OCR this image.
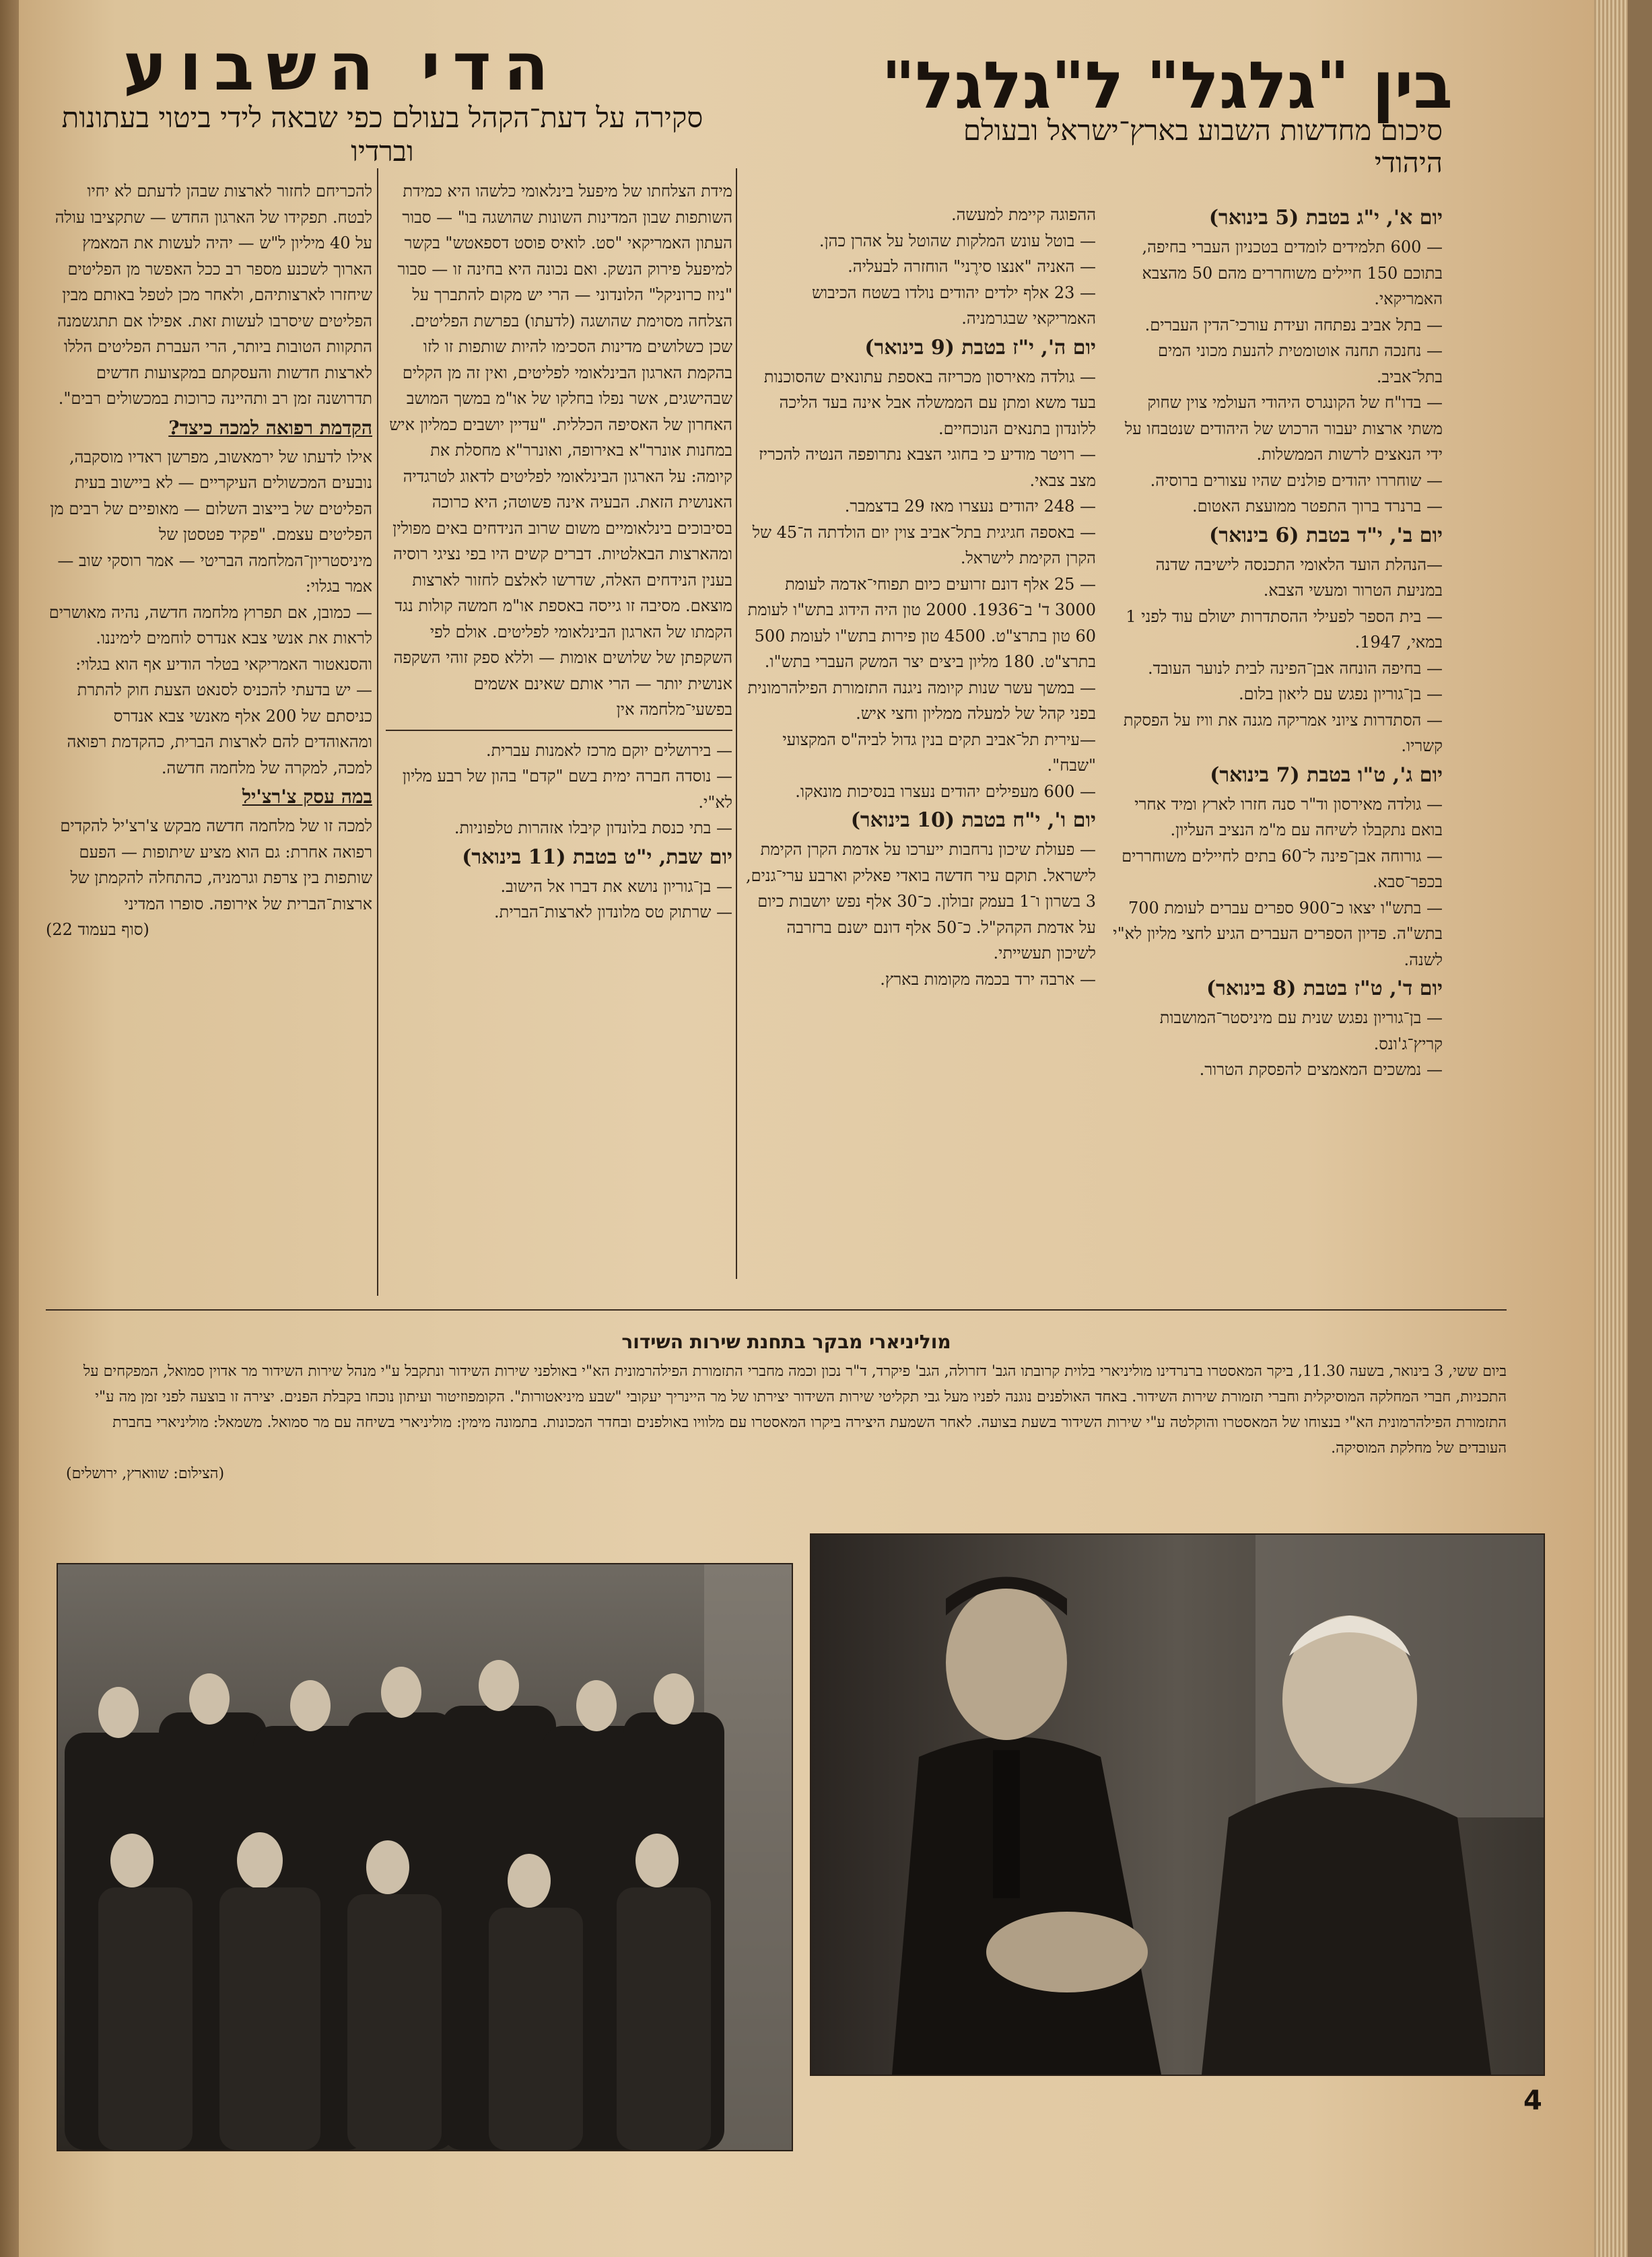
בין "גלגל" ל"גלגל"
סיכום מחדשות השבוע בארץ־ישראל ובעולם היהודי
הדי השבוע
סקירה על דעת־הקהל בעולם כפי שבאה לידי ביטוי בעתונות וברדיו

יום א', י"ג בטבת (5 בינואר)

— 600 תלמידים לומדים בטכניון העברי בחיפה, בתוכם 150 חיילים משוחררים מהם 50 מהצבא האמריקאי.

— בתל אביב נפתחה ועידת עורכי־הדין העברים.

— נחנכה תחנה אוטומטית להנעת מכוני המים בתל־אביב.

— בדו"ח של הקונגרס היהודי העולמי צוין שחוק משתי ארצות יעבור הרכוש של היהודים שנטבחו על ידי הנאצים לרשות הממשלות.

— שוחררו יהודים פולנים שהיו עצורים ברוסיה.

— ברנרד ברוך התפטר ממועצת האטום.

יום ב', י"ד בטבת (6 בינואר)

—הנהלת הועד הלאומי התכנסה לישיבה שדנה במניעת הטרור ומעשי הצבא.

— בית הספר לפעילי ההסתדרות ישולם עוד לפני 1 במאי, 1947.

— בחיפה הונחה אבן־הפינה לבית לנוער העובד.

— בן־גוריון נפגש עם ליאון בלום.

— הסתדרות ציוני אמריקה מגנה את וויז על הפסקת קשריו.

יום ג', ט"ו בטבת (7 בינואר)

— גולדה מאירסון וד"ר סנה חזרו לארץ ומיד אחרי בואם נתקבלו לשיחה עם מ"מ הנציב העליון.

— גורוחה אבן־פינה ל־60 בתים לחיילים משוחררים בכפר־סבא.

— בתש"ו יצאו כ־900 ספרים עברים לעומת 700 בתש"ה. פדיון הספרים העברים הגיע לחצי מליון לא"י לשנה.

יום ד', ט"ז בטבת (8 בינואר)

— בן־גוריון נפגש שנית עם מיניסטר־המושבות קריץ־ג'ונס.

— נמשכים המאמצים להפסקת הטרור.

ההפוגה קיימת למעשה.

— בוטל עונש המלקות שהוטל על אהרן כהן.

— האניה "אנצו סירֶני" הוחזרה לבעליה.

— 23 אלף ילדים יהודים נולדו בשטח הכיבוש האמריקאי שבגרמניה.

יום ה', י"ז בטבת (9 בינואר)

— גולדה מאירסון מכריזה באספת עתונאים שהסוכנות בעד משא ומתן עם הממשלה אבל אינה בעד הליכה ללונדון בתנאים הנוכחיים.

— רויטר מודיע כי בחוגי הצבא נתרופפה הנטיה להכריז מצב צבאי.

— 248 יהודים נעצרו מאז 29 בדצמבר.

— באספה חגיגית בתל־אביב צוין יום הולדתה ה־45 של הקרן הקימת לישראל.

— 25 אלף דונם זרועים כיום תפוחי־אדמה לעומת 3000 ד' ב־1936. 2000 טון היה הידוג בתש"ו לעומת 60 טון בתרצ"ט. 4500 טון פירות בתש"ו לעומת 500 בתרצ"ט. 180 מליון ביצים יצר המשק העברי בתש"ו.

— במשך עשר שנות קיומה ניגנה התזמורת הפילהרמונית בפני קהל של למעלה ממליון וחצי איש.

—עירית תל־אביב תקים בנין גדול לביה"ס המקצועי "שבח".

— 600 מעפילים יהודים נעצרו בנסיכות מונאקו.

יום ו', י"ח בטבת (10 בינואר)

— פעולת שיכון נרחבות ייערכו על אדמת הקרן הקימת לישראל. תוקם עיר חדשה בואדי פאליק וארבע ערי־גנים, 3 בשרון ו־1 בעמק זבולון. כ־30 אלף נפש יושבות כיום על אדמת הקהק"ל. כ־50 אלף דונם ישנם ברזרבה לשיכון תעשייתי.

— ארבה ירד בכמה מקומות בארץ.

מידת הצלחתו של מיפעל בינלאומי כלשהו היא כמידת השותפות שבון המדינות השונות שהושגה בו" — סבור העתון האמריקאי "סט. לואיס פוסט דספאטש" בקשר למיפעל פירוק הנשק. ואם נכונה היא בחינה זו — סבור "ניוז כרוניקל" הלונדוני — הרי יש מקום להתברך על הצלחה מסוימת שהושגה (לדעתו) בפרשת הפליטים. שכן כשלושים מדינות הסכימו להיות שותפות זו לזו בהקמת הארגון הבינלאומי לפליטים, ואין זה מן הקלים שבהישגים, אשר נפלו בחלקו של או"מ במשך המושב האחרון של האסיפה הכללית. "עדיין יושבים כמליון איש במחנות אונרר"א באירופה, ואונרר"א מחסלת את קיומה: על הארגון הבינלאומי לפליטים לדאוג לטרגדיה האנושית הזאת. הבעיה אינה פשוטה; היא כרוכה בסיבוכים בינלאומיים משום שרוב הנידחים באים מפולין ומהארצות הבאלטיות. דברים קשים היו בפי נציגי רוסיה בענין הנידחים האלה, שדרשו לאלצם לחזור לארצות מוצאם. מסיבה זו גייסה באספת או"מ חמשה קולות נגד הקמתו של הארגון הבינלאומי לפליטים. אולם לפי השקפתן של שלושים אומות — וללא ספק זוהי השקפה אנושית יותר — הרי אותם שאינם אשמים בפשעי־מלחמה אין

— בירושלים יוקם מרכז לאמנות עברית.

— נוסדה חברה ימית בשם "קדם" בהון של רבע מליון לא"י.

— בתי כנסת בלונדון קיבלו אזהרות טלפוניות.

יום שבת, י"ט בטבת (11 בינואר)

— בן־גוריון נושא את דברו אל הישוב.

— שרתוק טס מלונדון לארצות־הברית.

להכריחם לחזור לארצות שבהן לדעתם לא יחיו לבטח. תפקידו של הארגון החדש — שתקציבו עולה על 40 מיליון ל"ש — יהיה לעשות את המאמץ הארוך לשכנע מספר רב ככל האפשר מן הפליטים שיחזרו לארצותיהם, ולאחר מכן לטפל באותם מבין הפליטים שיסרבו לעשות זאת. אפילו אם תתגשמנה התקוות הטובות ביותר, הרי העברת הפליטים הללו לארצות חדשות והעסקתם במקצועות חדשים תדרושנה זמן רב ותהיינה כרוכות במכשולים רבים".

הקדמת רפואה למכה כיצד?

אילו לדעתו של ירמאשוב, מפרשן ראדיו מוסקבה, נובעים המכשולים העיקריים — לא ביישוב בעית הפליטים של בייצוב השלום — מאופיים של רבים מן הפליטים עצמם. "פקיד פטסטן של מיניסטריון־המלחמה הבריטי — אמר רוסקי שוב — אמר בגלוי:

— כמובן, אם תפרוץ מלחמה חדשה, נהיה מאושרים לראות את אנשי צבא אנדרס לוחמים לימיננו.

והסנאטור האמריקאי בטלר הודיע אף הוא בגלוי:

— יש בדעתי להכניס לסנאט הצעת חוק להתרת כניסתם של 200 אלף מאנשי צבא אנדרס ומהאוהדים להם לארצות הברית, כהקדמת רפואה למכה, למקרה של מלחמה חדשה.

במה עסק צ'רצ'יל

למכה זו של מלחמה חדשה מבקש צ'רצ'יל להקדים רפואה אחרת: גם הוא מציע שיתופות — הפעם שותפות בין צרפת וגרמניה, כהתחלה להקמתן של ארצות־הברית של אירופה. סופרו המדיני

(סוף בעמוד 22)

מוליניארי מבקר בתחנת שירות השידור
ביום ששי, 3 בינואר, בשעה 11.30, ביקר המאסטרו ברנרדינו מוליניארי בלוית קרובתו הגב' דזרולה, הגב' פיקרד, ד"ר נכון וכמה מחברי התזמורת הפילהרמונית הא"י באולפני שירות השידור ונתקבל ע"י מנהל שירות השידור מר אדוין סמואל, המפקחים על התכניות, חברי המחלקה המוסיקלית וחברי תזמורת שירות השידור. באחד האולפנים נוגנה לפניו מעל גבי תקליטי שירות השידור יצירתו של מר היינריך יעקובי "שבע מיניאטורות". הקומפוזיטור ועיתון נוכחו בקבלת הפנים. יצירה זו בוצעה לפני זמן מה ע"י התזמורת הפילהרמונית הא"י בנצוחו של המאסטרו והוקלטה ע"י שירות השידור בשעת בצועה. לאחר השמעת היצירה ביקרו המאסטרו עם מלוויו באולפנים ובחדר המכונות. בתמונה מימין: מוליניארי בשיחה עם מר סמואל. משמאל: מוליניארי בחברת העובדים של מחלקת המוסיקה.
(הצילום: שווארץ, ירושלים)
4
